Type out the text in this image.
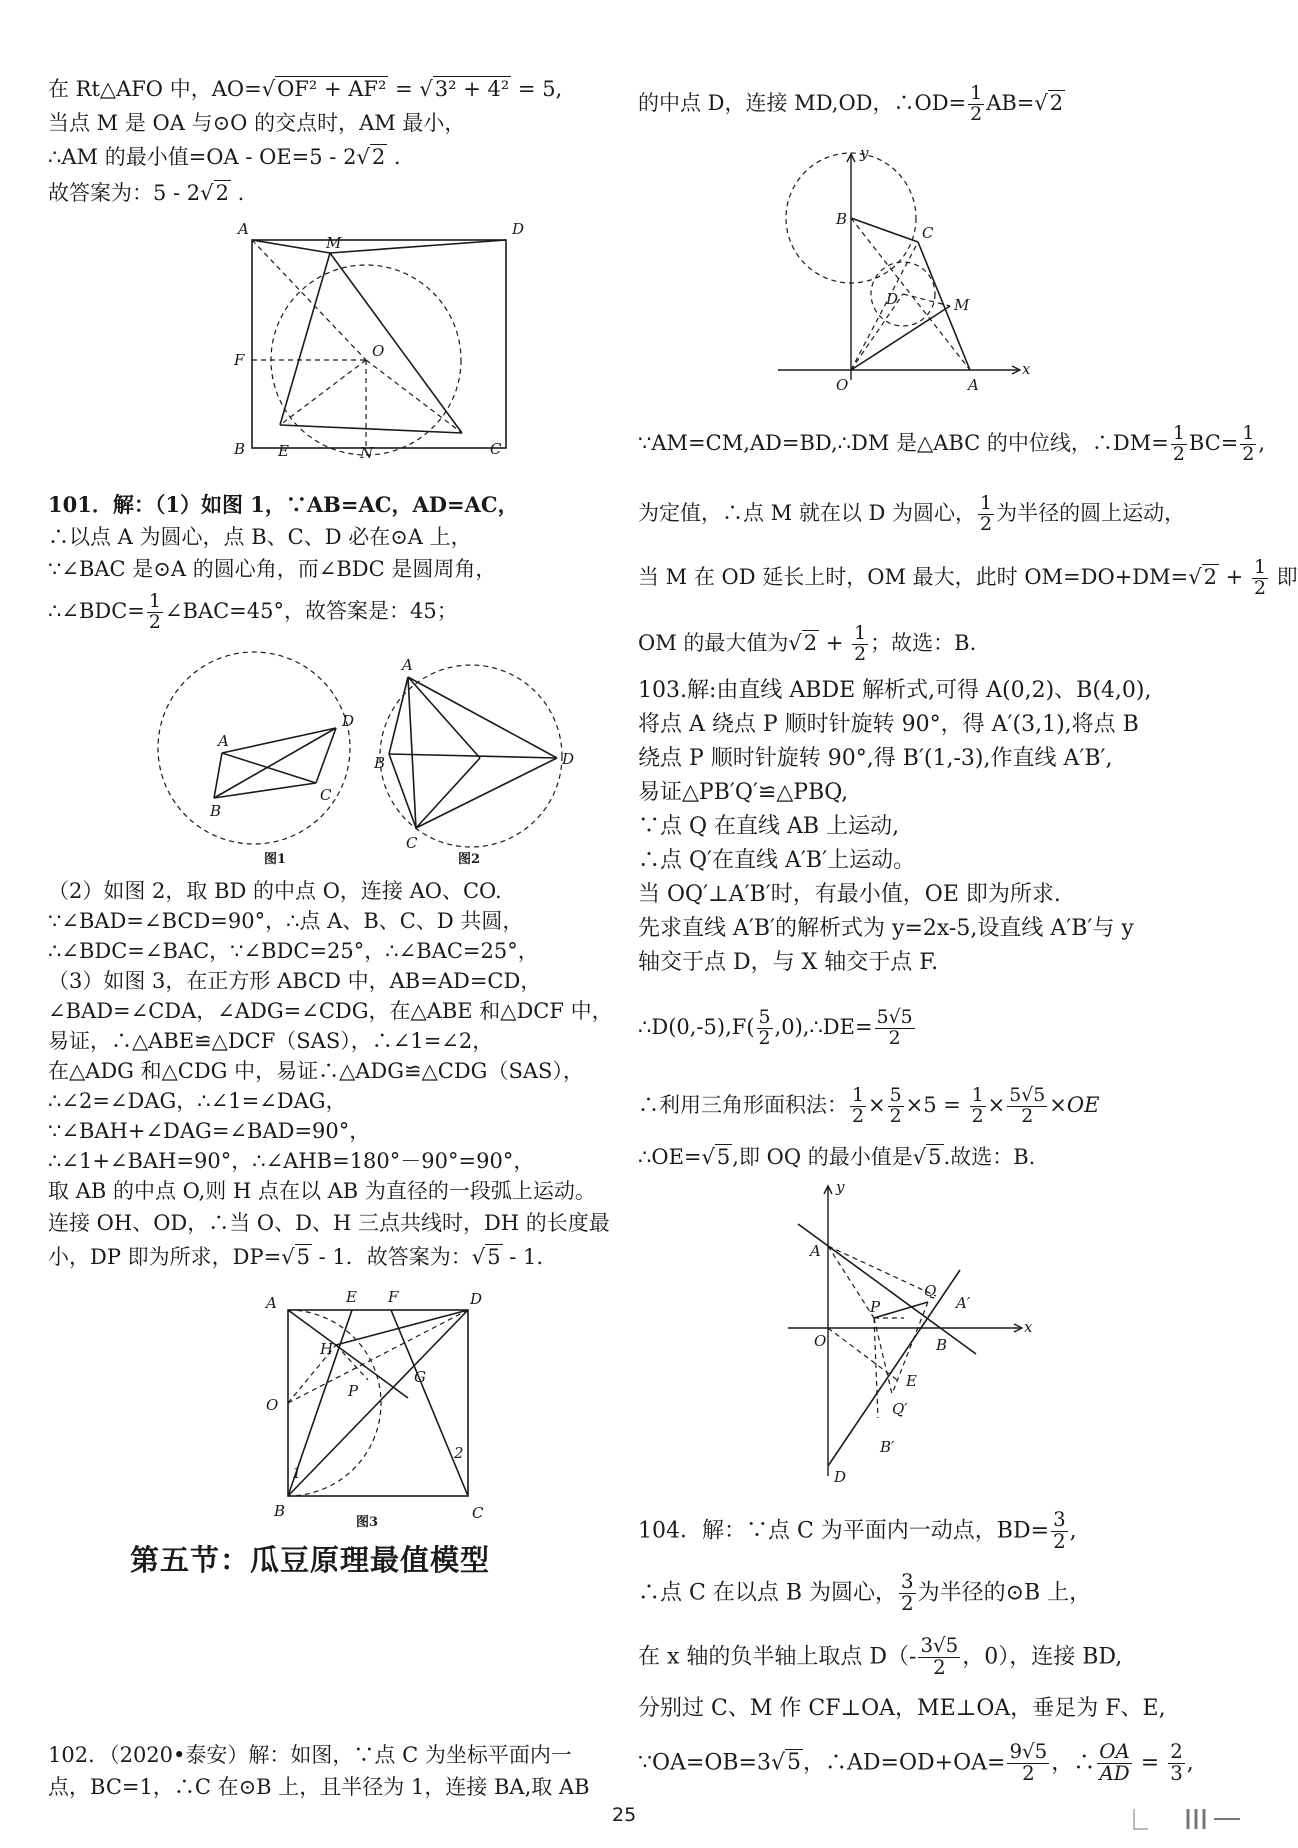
在 Rt△AFO 中，AO=√OF² + AF² = √3² + 4² = 5,
当点 M 是 OA 与⊙O 的交点时，AM 最小，
∴AM 的最小值=OA - OE=5 - 2√2 .
故答案为：5 - 2√2 .
A	D
M
F	O
B E	N	C
101．解：（1）如图 1，∵AB=AC，AD=AC，
∴以点 A 为圆心，点 B、C、D 必在⊙A 上，
∵∠BAC 是⊙A 的圆心角，而∠BDC 是圆周角，
∴∠BDC= $\frac{1}{2}$ ∠BAC=45°，故答案是：45；
A
B
C
D
图1
A
B
C
D
图2
（2）如图 2，取 BD 的中点 O，连接 AO、CO.
∵∠BAD=∠BCD=90°，∴点 A、B、C、D 共圆，
∴∠BDC=∠BAC，∵∠BDC=25°，∴∠BAC=25°，
（3）如图 3，在正方形 ABCD 中，AB=AD=CD，
∠BAD=∠CDA，∠ADG=∠CDG，在△ABE 和△DCF 中，
易证，∴△ABE≌△DCF（SAS），∴∠1=∠2，
在△ADG 和△CDG 中，易证∴△ADG≌△CDG（SAS），
∴∠2=∠DAG，∴∠1=∠DAG，
∵∠BAH+∠DAG=∠BAD=90°，
∴∠1+∠BAH=90°，∴∠AHB=180°－90°=90°，
取 AB 的中点 O,则 H 点在以 AB 为直径的一段弧上运动。
连接 OH、OD，∴当 O、D、H 三点共线时，DH 的长度最
小，DP 即为所求，DP=√5 - 1．故答案为：√5 - 1.
A	E F	D
H
O
P
G
B	C
1
2
图3
102．（2020•泰安）解：如图，∵点 C 为坐标平面内一
点，BC=1，∴C 在⊙B 上，且半径为 1，连接 BA,取 AB
第五节：瓜豆原理最值模型
的中点 D，连接 MD,OD，∴OD= $\frac{1}{2} AB=√2$
y
B
C
D	M
O	A
x
∵AM=CM,AD=BD,∴DM 是△ABC 的中位线，∴DM= $\frac{1}{2} BC= \frac{1}{2}$ ,
为定值，∴点 M 就在以 D 为圆心， $\frac{1}{2}$ 为半径的圆上运动，
当 M 在 OD 延长上时，OM 最大，此时 $OM=DO+DM=√2 + \frac{1}{2}$ 即
OM 的最大值为$√2 + \frac{1}{2}$ ；故选：B.
103.解:由直线 ABDE 解析式,可得 A(0,2)、B(4,0),
将点 A 绕点 P 顺时针旋转 90°，得 A′(3,1),将点 B
绕点 P 顺时针旋转 90°,得 B′(1,-3),作直线 A′B′,
易证△PB′Q′≌△PBQ,
∵点 Q 在直线 AB 上运动,
∴点 Q′在直线 A′B′上运动。
当 OQ′⊥A′B′时，有最小值，OE 即为所求.
先求直线 A′B′的解析式为 y=2x-5,设直线 A′B′与 y
轴交于点 D，与 X 轴交于点 F.
∴D(0,-5),F( $\frac{5}{2}$ ,0),∴DE= $\frac{5√5}{2}$
∴利用三角形面积法： $\frac{1}{2} \times \frac{5}{2} \times 5 = \frac{1}{2} \times \frac{5√5}{2} \times OE$
∴OE=√5,即 OQ 的最小值是√5.故选：B.
y
A
Q
A′
P
O	B
x
E
Q′
B′
D
104．解：∵点 C 为平面内一动点，$BD= \frac{3}{2}$ ,
∴点 C 在以点 B 为圆心， $\frac{3}{2}$ 为半径的⊙B 上，
在 x 轴的负半轴上取点 $D(- \frac{3√5}{2}$ ，0），连接 BD,
分别过 C、M 作 CF⊥OA，ME⊥OA，垂足为 F、E,
∵OA=OB=3√5，∴AD=OD+OA= $\frac{9√5}{2}$ ，∴ $\frac{OA}{AD} = \frac{2}{3}$ ,
25
